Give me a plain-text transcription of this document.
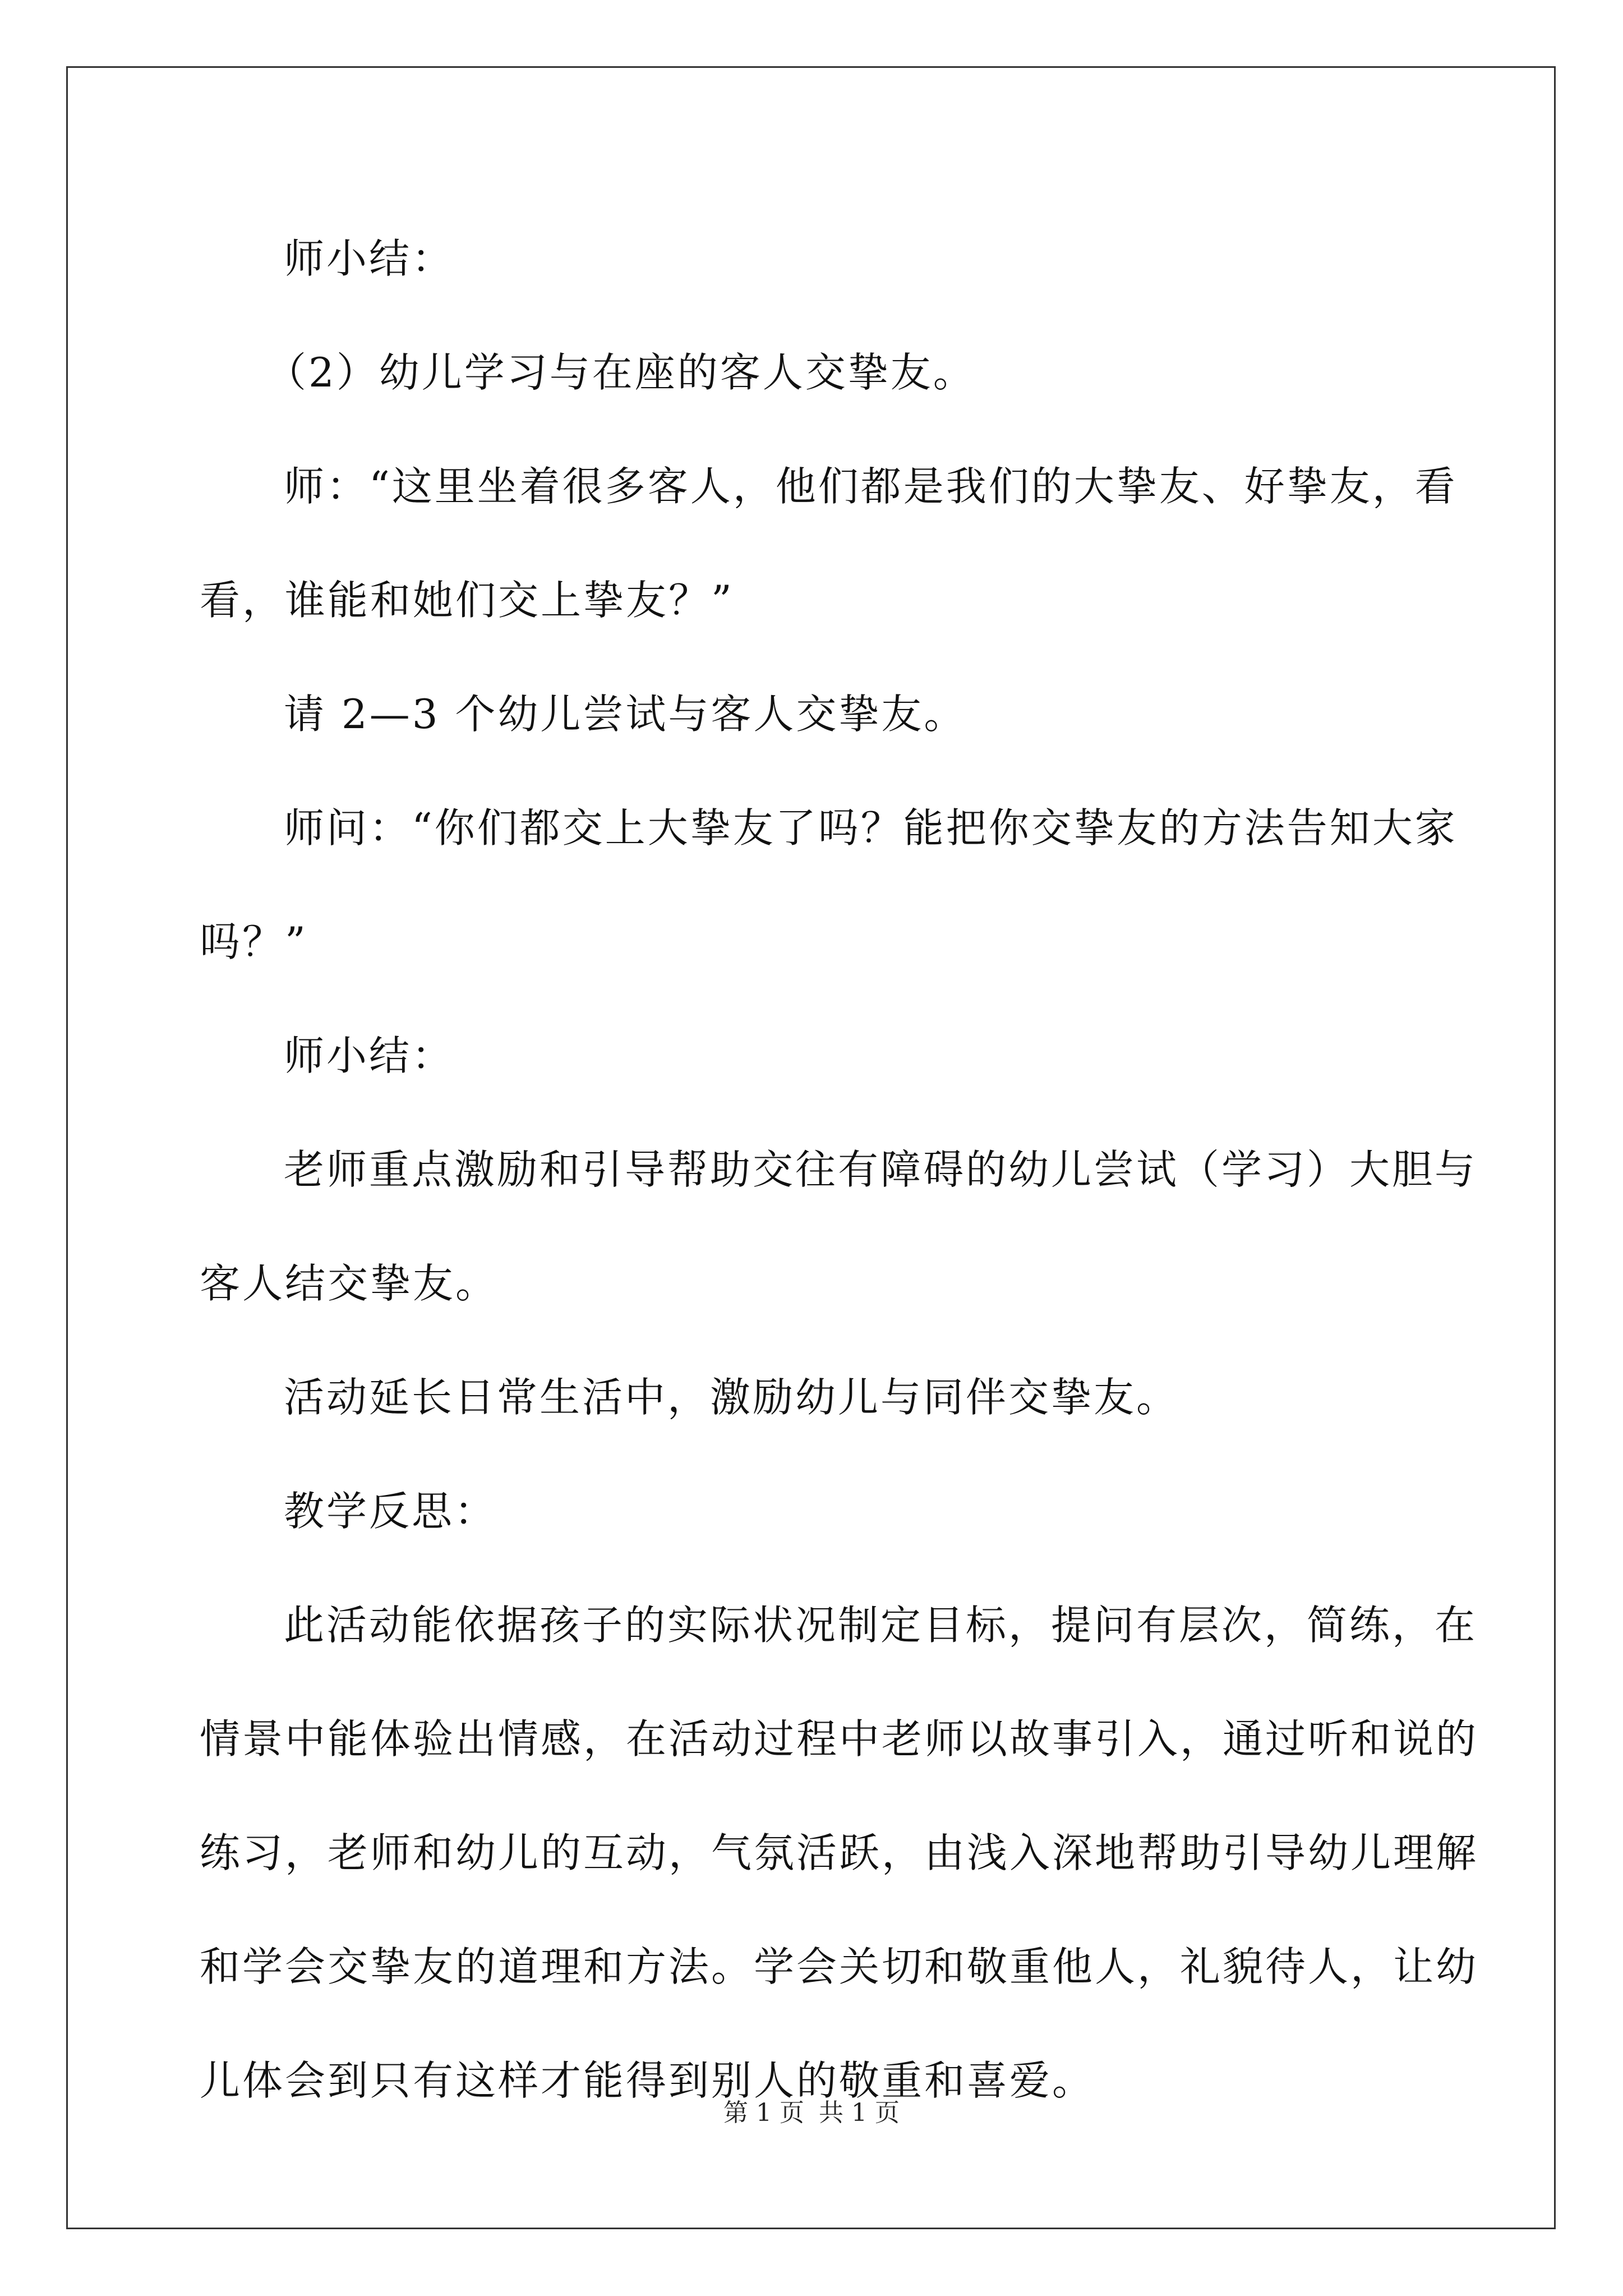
师小结：

（2）幼儿学习与在座的客人交挚友。

师：“这里坐着很多客人，他们都是我们的大挚友、好挚友，看

看，谁能和她们交上挚友？”

请 2—3 个幼儿尝试与客人交挚友。

师问：“你们都交上大挚友了吗？能把你交挚友的方法告知大家

吗？”

师小结：

老师重点激励和引导帮助交往有障碍的幼儿尝试（学习）大胆与

客人结交挚友。

活动延长日常生活中，激励幼儿与同伴交挚友。

教学反思：

此活动能依据孩子的实际状况制定目标，提问有层次，简练，在

情景中能体验出情感，在活动过程中老师以故事引入，通过听和说的

练习，老师和幼儿的互动，气氛活跃，由浅入深地帮助引导幼儿理解

和学会交挚友的道理和方法。学会关切和敬重他人，礼貌待人，让幼

儿体会到只有这样才能得到别人的敬重和喜爱。

第 1 页 共 1 页
